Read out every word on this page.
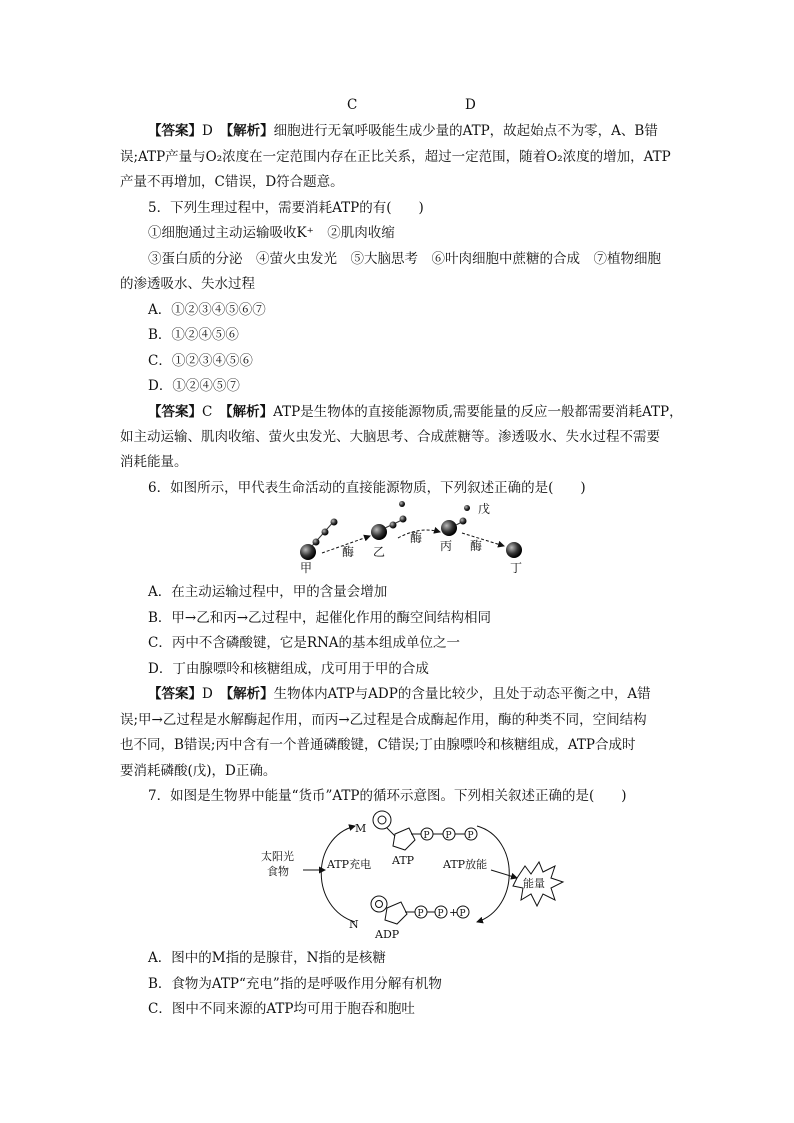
C	D
【答案】D　 【解析】细胞进行无氧呼吸能生成少量的ATP，故起始点不为零，A、B错
误;ATP产量与O₂浓度在一定范围内存在正比关系，超过一定范围，随着O₂浓度的增加，ATP
产量不再增加，C错误，D符合题意。
5．下列生理过程中，需要消耗ATP的有(　　)
①细胞通过主动运输吸收K⁺　②肌肉收缩
③蛋白质的分泌　④萤火虫发光　⑤大脑思考　⑥叶肉细胞中蔗糖的合成　⑦植物细胞
的渗透吸水、失水过程
A．①②③④⑤⑥⑦
B．①②④⑤⑥
C．①②③④⑤⑥
D．①②④⑤⑦
【答案】C　 【解析】ATP是生物体的直接能源物质,需要能量的反应一般都需要消耗ATP，
如主动运输、肌肉收缩、萤火虫发光、大脑思考、合成蔗糖等。渗透吸水、失水过程不需要
消耗能量。
6．如图所示，甲代表生命活动的直接能源物质，下列叙述正确的是(　　)
甲
酶 乙
酶
戊
丙 酶
丁
A．在主动运输过程中，甲的含量会增加
B．甲→乙和丙→乙过程中，起催化作用的酶空间结构相同
C．丙中不含磷酸键，它是RNA的基本组成单位之一
D．丁由腺嘌呤和核糖组成，戊可用于甲的合成
【答案】D　 【解析】生物体内ATP与ADP的含量比较少，且处于动态平衡之中，A错
误;甲→乙过程是水解酶起作用，而丙→乙过程是合成酶起作用，酶的种类不同，空间结构
也不同，B错误;丙中含有一个普通磷酸键，C错误;丁由腺嘌呤和核糖组成，ATP合成时
要消耗磷酸(戊)，D正确。
7．如图是生物界中能量“货币”ATP的循环示意图。下列相关叙述正确的是(　　)
M
P P P
ATP
太阳光
食物
ATP充电	ATP放能
能量
N
P P + P
ADP
A．图中的M指的是腺苷，N指的是核糖
B．食物为ATP“充电”指的是呼吸作用分解有机物
C．图中不同来源的ATP均可用于胞吞和胞吐
